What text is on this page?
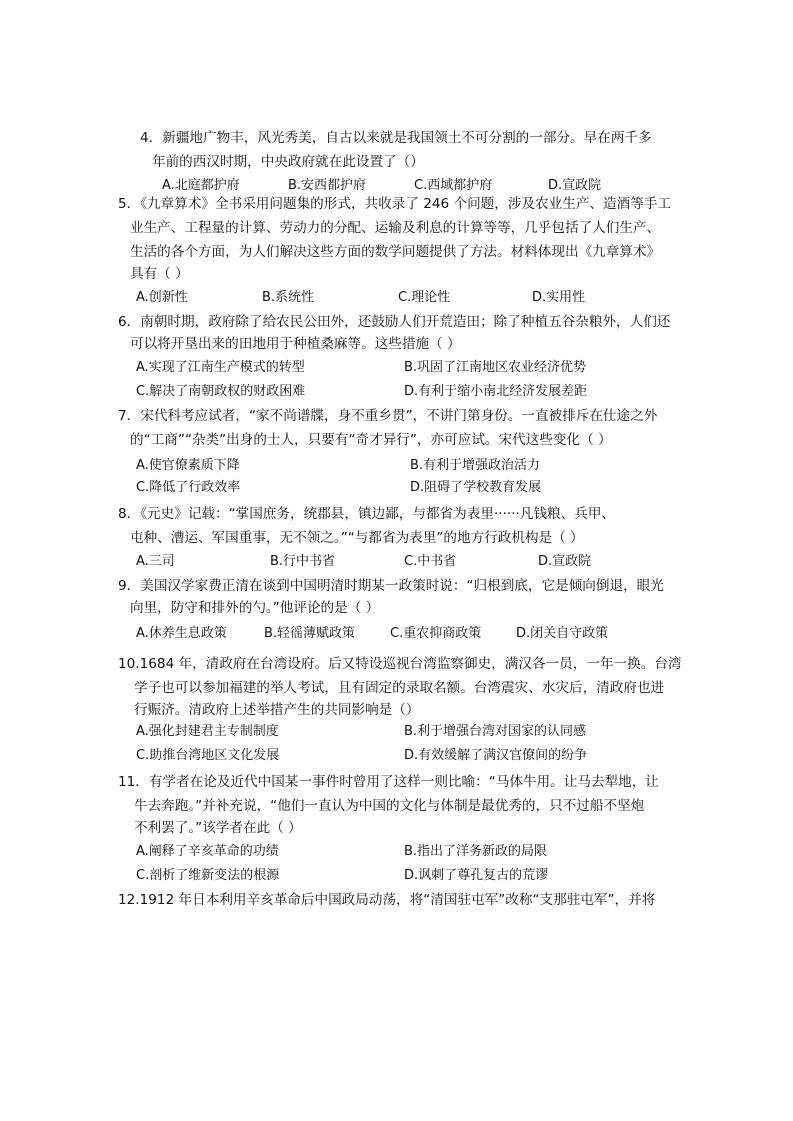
4．新疆地广物丰，风光秀美，自古以来就是我国领土不可分割的一部分。早在两千多
年前的西汉时期，中央政府就在此设置了（）
A.北庭都护府	B.安西都护府	C.西域都护府	D.宣政院
5．《九章算术》全书采用问题集的形式，共收录了 246 个问题，涉及农业生产、造酒等手工
业生产、工程量的计算、劳动力的分配、运输及利息的计算等等，几乎包括了人们生产、
生活的各个方面，为人们解决这些方面的数学问题提供了方法。材料体现出《九章算术》
具有（ ）
A.创新性	B.系统性	C.理论性	D.实用性
6．南朝时期，政府除了给农民公田外，还鼓励人们开荒造田；除了种植五谷杂粮外，人们还
可以将开垦出来的田地用于种植桑麻等。这些措施（ ）
A.实现了江南生产模式的转型	B.巩固了江南地区农业经济优势
C.解决了南朝政权的财政困难	D.有利于缩小南北经济发展差距
7．宋代科考应试者，“家不尚谱牒，身不重乡贯”，不讲门第身份。一直被排斥在仕途之外
的“工商”“杂类”出身的士人，只要有“奇才异行”，亦可应试。宋代这些变化（ ）
A.使官僚素质下降	B.有利于增强政治活力
C.降低了行政效率	D.阻碍了学校教育发展
8．《元史》记载：“掌国庶务，统郡县，镇边鄙，与都省为表里······凡钱粮、兵甲、
屯种、漕运、军国重事，无不领之。”“与都省为表里”的地方行政机构是（ ）
A.三司	B.行中书省	C.中书省	D.宣政院
9．美国汉学家费正清在谈到中国明清时期某一政策时说：“归根到底，它是倾向倒退，眼光
向里，防守和排外的勺。”他评论的是（ ）
A.休养生息政策	B.轻徭薄赋政策	C.重农抑商政策	D.闭关自守政策
10.1684 年，清政府在台湾设府。后又特设巡视台湾监察御史，满汉各一员，一年一换。台湾
学子也可以参加福建的举人考试，且有固定的录取名额。台湾震灾、水灾后，清政府也进
行赈济。清政府上述举措产生的共同影响是（）
A.强化封建君主专制制度	B.利于增强台湾对国家的认同感
C.助推台湾地区文化发展	D.有效缓解了满汉官僚间的纷争
11．有学者在论及近代中国某一事件时曾用了这样一则比喻：“马体牛用。让马去犁地，让
牛去奔跑。”并补充说，“他们一直认为中国的文化与体制是最优秀的，只不过船不坚炮
不利罢了。”该学者在此（ ）
A.阐释了辛亥革命的功绩	B.指出了洋务新政的局限
C.剖析了维新变法的根源	D.讽刺了尊孔复古的荒谬
12.1912 年日本利用辛亥革命后中国政局动荡，将“清国驻屯军”改称“支那驻屯军”，并将
